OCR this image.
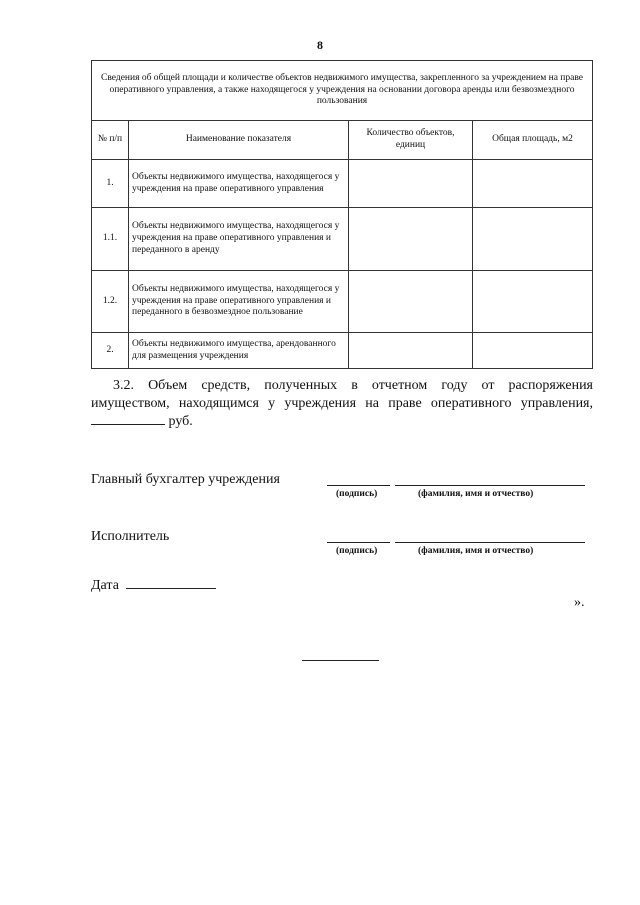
8
Сведения об общей площади и количестве объектов недвижимого имущества, закрепленного за учреждением на праве оперативного управления, а также находящегося у учреждения на основании договора аренды или безвозмездного пользования			
№ п/п	Наименование показателя	Количество объектов, единиц	Общая площадь, м2
1.	Объекты недвижимого имущества, находящегося у учреждения на праве оперативного управления		
1.1.	Объекты недвижимого имущества, находящегося у учреждения на праве оперативного управления и переданного в аренду		
1.2.	Объекты недвижимого имущества, находящегося у учреждения на праве оперативного управления и переданного в безвозмездное пользование		
2.	Объекты недвижимого имущества, арендованного для размещения учреждения		
3.2. Объем средств, полученных в отчетном году от распоряжения
имуществом, находящимся у учреждения на праве оперативного управления,
руб.
Главный бухгалтер учреждения
(подпись)	(фамилия, имя и отчество)
Исполнитель
(подпись)	(фамилия, имя и отчество)
Дата
».
